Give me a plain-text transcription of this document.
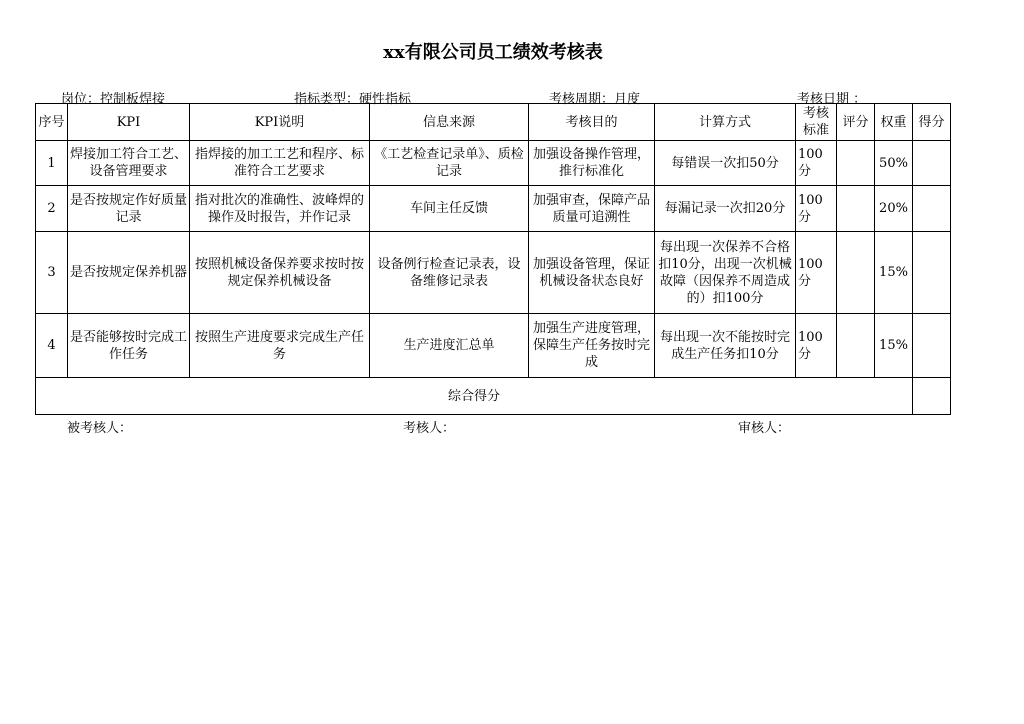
xx有限公司员工绩效考核表
岗位：控制板焊接	指标类型：硬性指标	考核周期：月度	考核日期 ：
序号	KPI	KPI说明	信息来源	考核目的	计算方式	考核标准	评分	权重	得分
1	焊接加工符合工艺、设备管理要求	指焊接的加工工艺和程序、标准符合工艺要求	《工艺检查记录单》、质检记录	加强设备操作管理，推行标准化	每错误一次扣50分	100分		50%	
2	是否按规定作好质量记录	指对批次的准确性、波峰焊的操作及时报告，并作记录	车间主任反馈	加强审查，保障产品质量可追溯性	每漏记录一次扣20分	100分		20%	
3	是否按规定保养机器	按照机械设备保养要求按时按规定保养机械设备	设备例行检查记录表，设备维修记录表	加强设备管理，保证机械设备状态良好	每出现一次保养不合格扣10分，出现一次机械故障（因保养不周造成的）扣100分	100分		15%	
4	是否能够按时完成工作任务	按照生产进度要求完成生产任务	生产进度汇总单	加强生产进度管理，保障生产任务按时完成	每出现一次不能按时完成生产任务扣10分	100分		15%	
综合得分									
被考核人：	考核人：	审核人：
